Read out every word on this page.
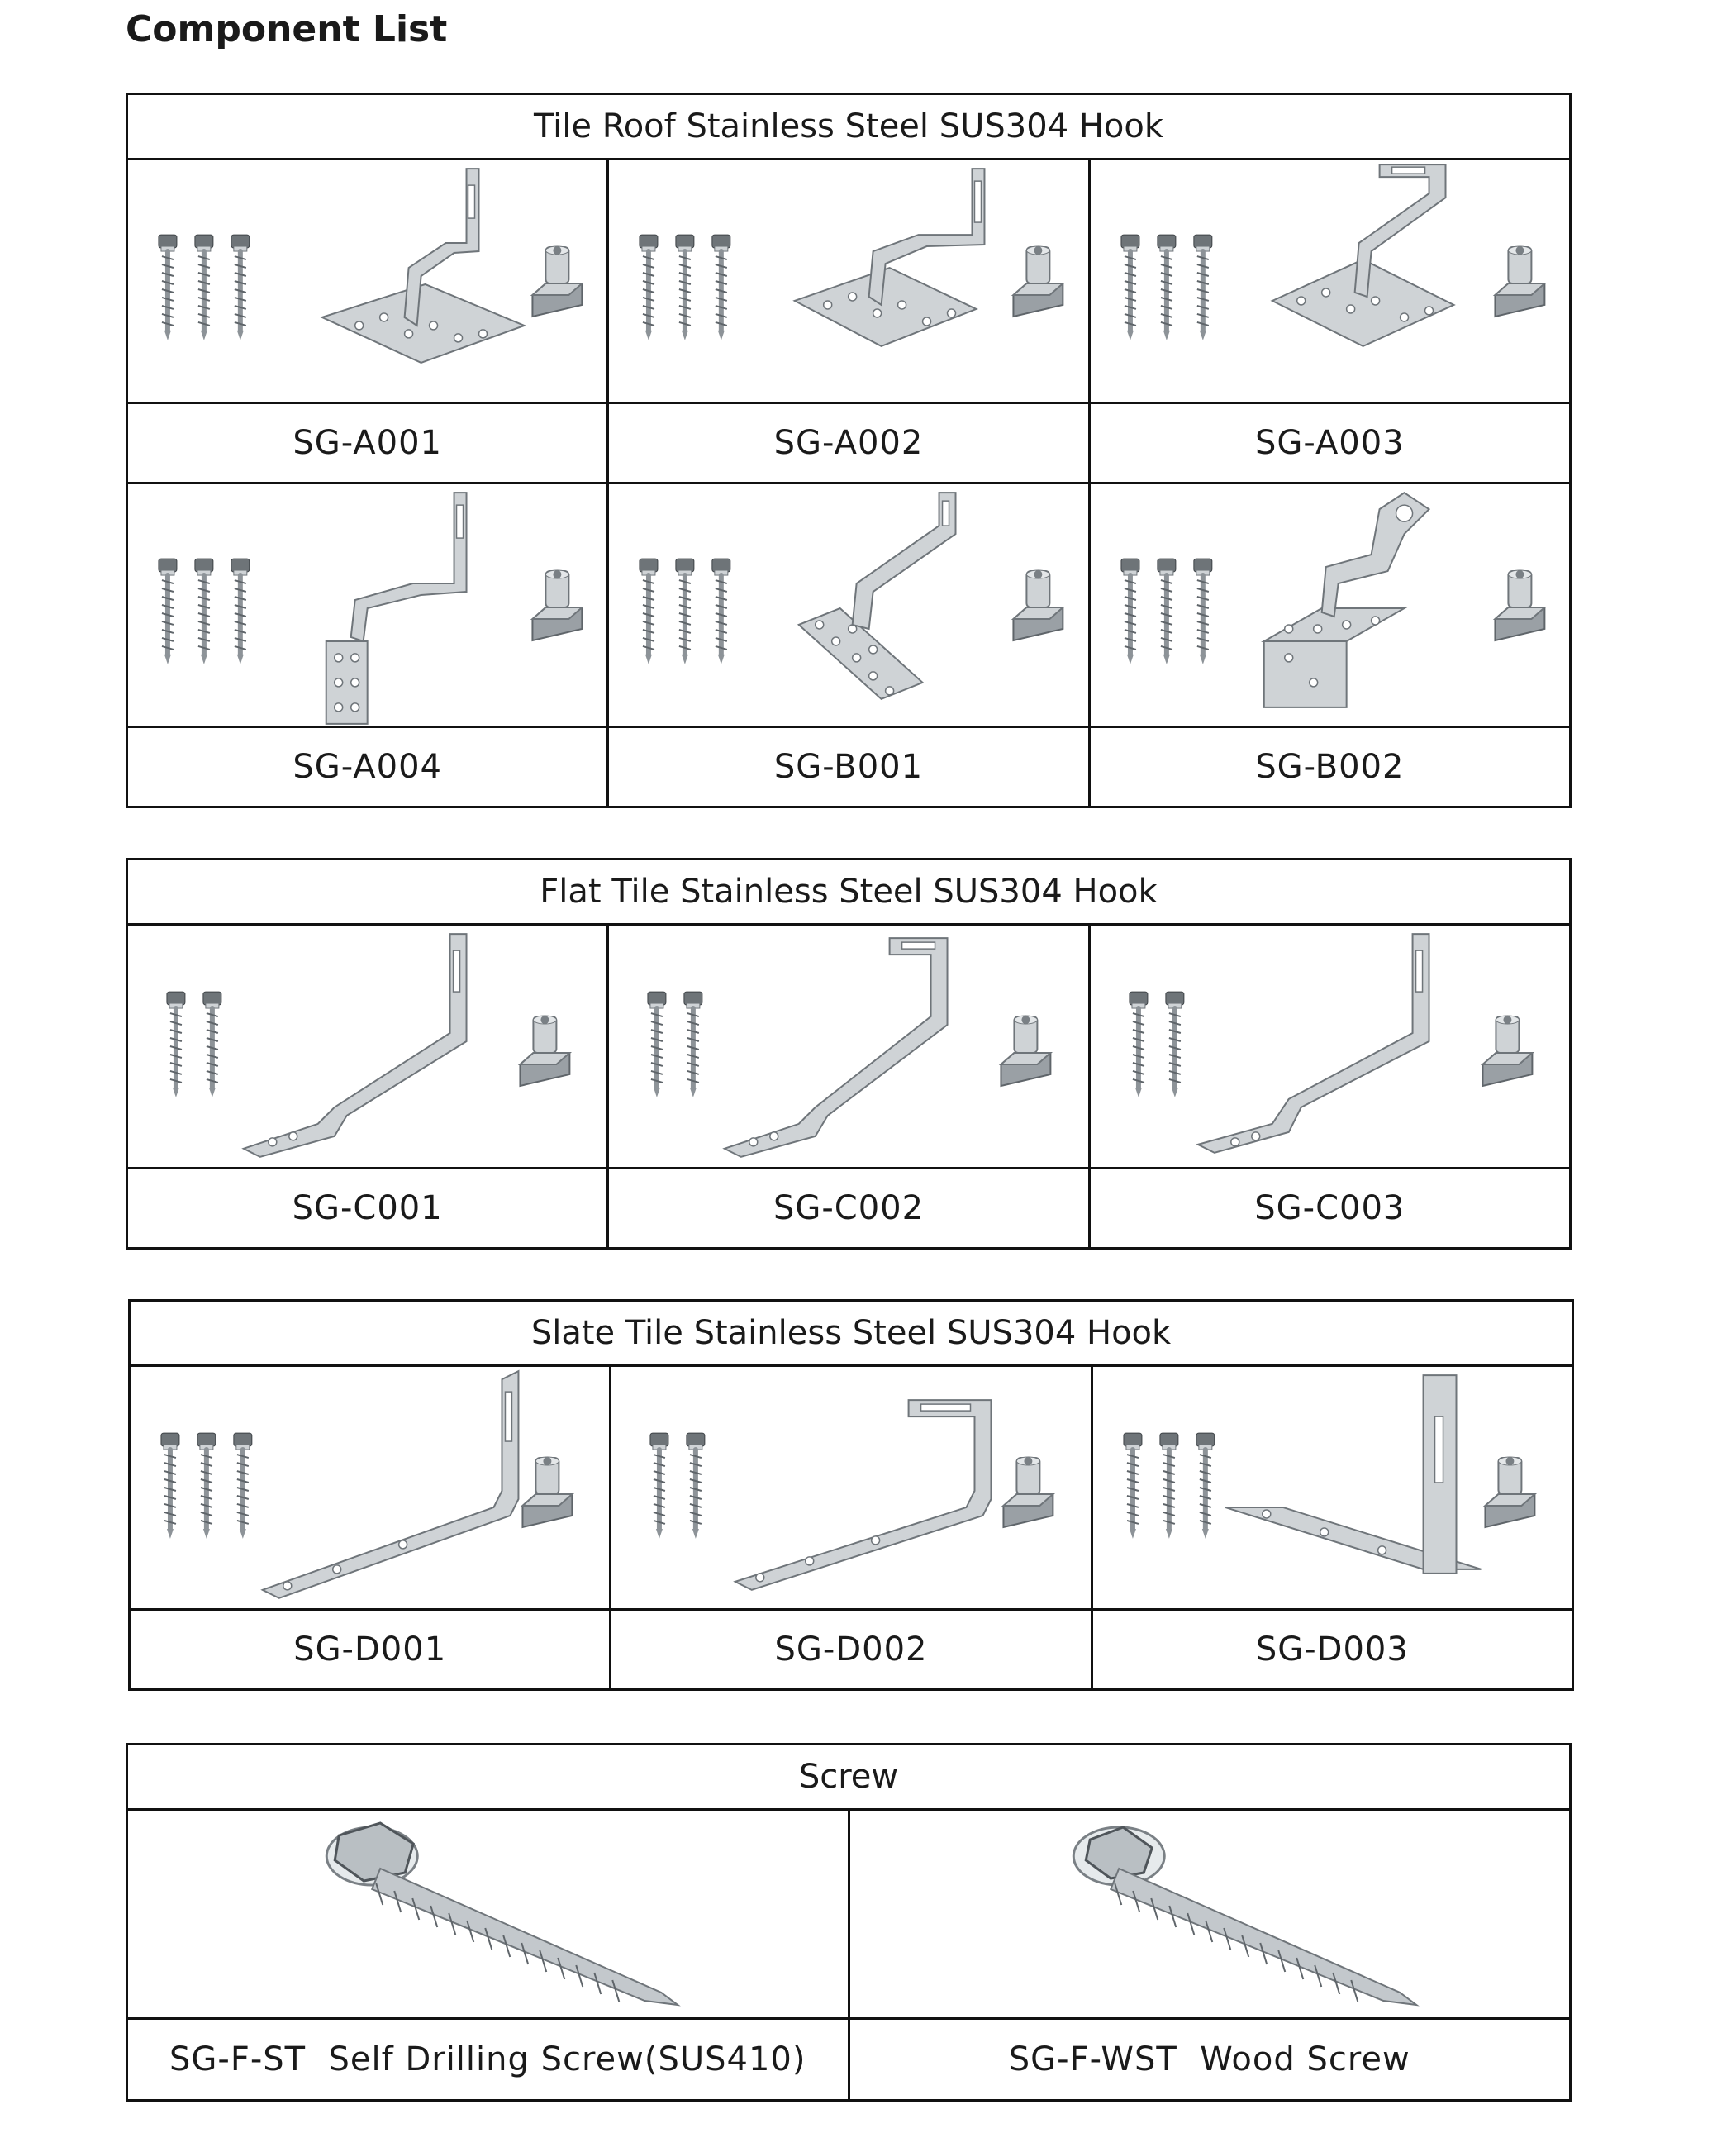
Component List
Tile Roof Stainless Steel SUS304 Hook		

SG-A001	SG-A002	SG-A003

SG-A004	SG-B001	SG-B002
Flat Tile Stainless Steel SUS304 Hook		

SG-C001	SG-C002	SG-C003
Slate Tile Stainless Steel SUS304 Hook		

SG-D001	SG-D002	SG-D003
Screw	

SG-F-ST Self Drilling Screw(SUS410)	SG-F-WST Wood Screw
